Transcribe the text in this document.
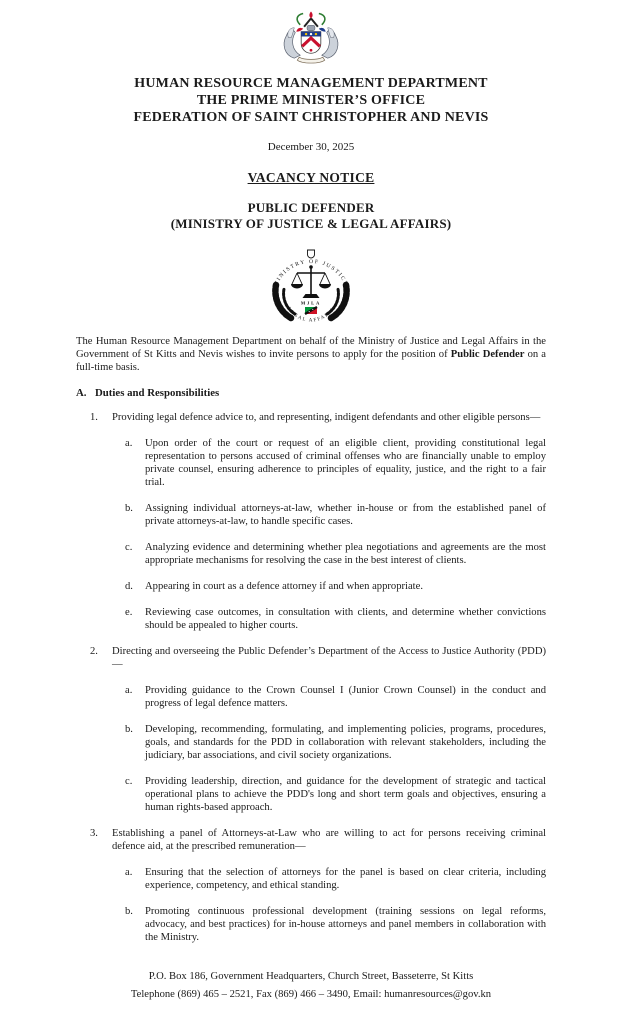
HUMAN RESOURCE MANAGEMENT DEPARTMENT
THE PRIME MINISTER’S OFFICE
FEDERATION OF SAINT CHRISTOPHER AND NEVIS
December 30, 2025
VACANCY NOTICE
PUBLIC DEFENDER
(MINISTRY OF JUSTICE & LEGAL AFFAIRS)
MINISTRY OF JUSTICE
LEGAL AFFAIRS
MJLA

The Human Resource Management Department on behalf of the Ministry of Justice and Legal Affairs in the Government of St Kitts and Nevis wishes to invite persons to apply for the position of Public Defender on a full-time basis.

A. Duties and Responsibilities
1. Providing legal defence advice to, and representing, indigent defendants and other eligible persons—
a. Upon order of the court or request of an eligible client, providing constitutional legal representation to persons accused of criminal offenses who are financially unable to employ private counsel, ensuring adherence to principles of equality, justice, and the right to a fair trial.
b. Assigning individual attorneys-at-law, whether in-house or from the established panel of private attorneys-at-law, to handle specific cases.
c. Analyzing evidence and determining whether plea negotiations and agreements are the most appropriate mechanisms for resolving the case in the best interest of clients.
d. Appearing in court as a defence attorney if and when appropriate.
e. Reviewing case outcomes, in consultation with clients, and determine whether convictions should be appealed to higher courts.
2. Directing and overseeing the Public Defender’s Department of the Access to Justice Authority (PDD)—
a. Providing guidance to the Crown Counsel I (Junior Crown Counsel) in the conduct and progress of legal defence matters.
b. Developing, recommending, formulating, and implementing policies, programs, procedures, goals, and standards for the PDD in collaboration with relevant stakeholders, including the judiciary, bar associations, and civil society organizations.
c. Providing leadership, direction, and guidance for the development of strategic and tactical operational plans to achieve the PDD's long and short term goals and objectives, ensuring a human rights-based approach.
3. Establishing a panel of Attorneys-at-Law who are willing to act for persons receiving criminal defence aid, at the prescribed remuneration—
a. Ensuring that the selection of attorneys for the panel is based on clear criteria, including experience, competency, and ethical standing.
b. Promoting continuous professional development (training sessions on legal reforms, advocacy, and best practices) for in-house attorneys and panel members in collaboration with the Ministry.
P.O. Box 186, Government Headquarters, Church Street, Basseterre, St Kitts
Telephone (869) 465 – 2521, Fax (869) 466 – 3490, Email: humanresources@gov.kn
